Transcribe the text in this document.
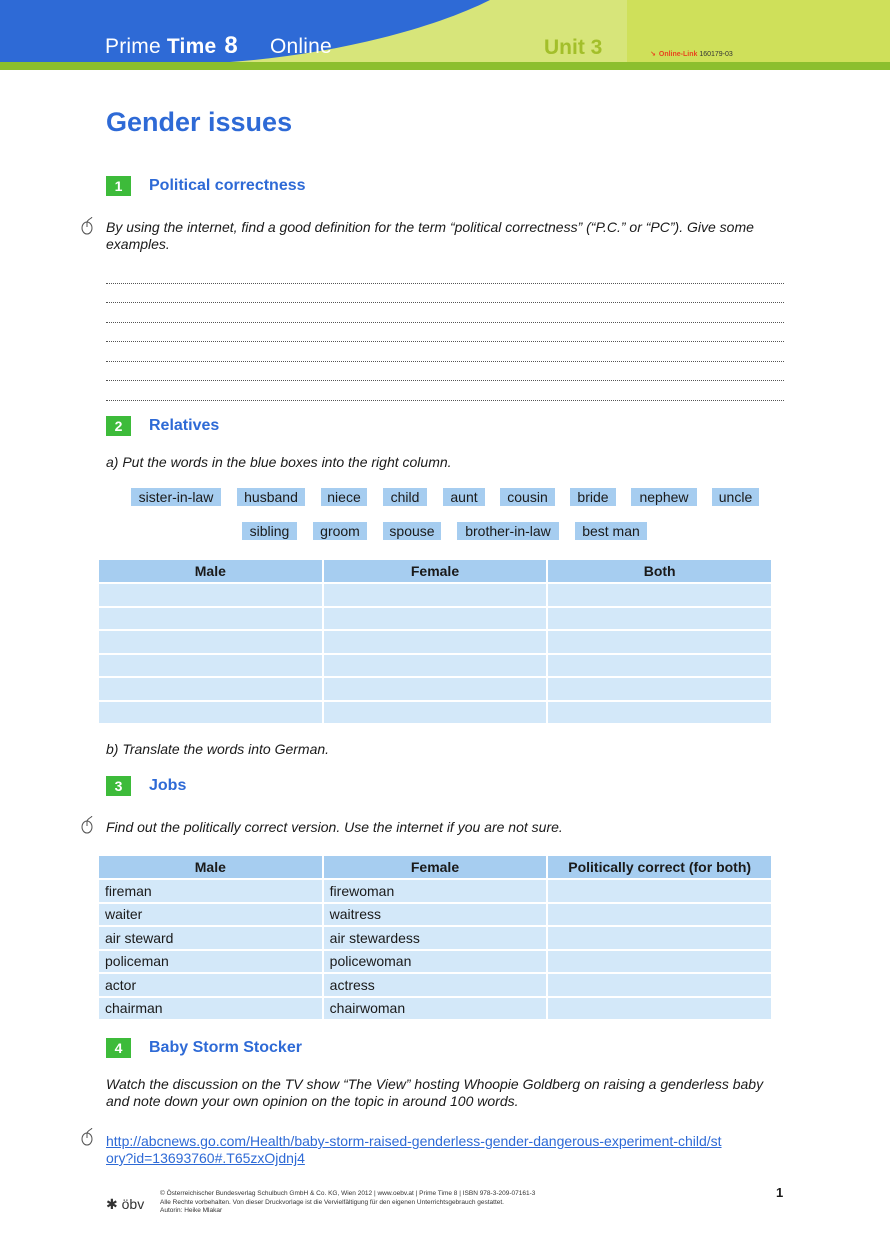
Prime Time 8 Online	Unit 3	↘ Online-Link 160179-03
Gender issues
1	Political correctness
By using the internet, find a good definition for the term “political correctness” (“P.C.” or “PC”). Give some examples.
2	Relatives
a) Put the words in the blue boxes into the right column.
sister-in-law	husband	niece	child	aunt	cousin	bride	nephew	uncle
sibling	groom	spouse	brother-in-law	best man
Male	Female	Both

b) Translate the words into German.
3	Jobs
Find out the politically correct version. Use the internet if you are not sure.
Male	Female	Politically correct (for both)
fireman	firewoman	
waiter	waitress	
air steward	air stewardess	
policeman	policewoman	
actor	actress	
chairman	chairwoman	
4	Baby Storm Stocker
Watch the discussion on the TV show “The View” hosting Whoopie Goldberg on raising a genderless baby and note down your own opinion on the topic in around 100 words.
http://abcnews.go.com/Health/baby-storm-raised-genderless-gender-dangerous-experiment-child/story?id=13693760#.T65zxOjdnj4
✱ öbv
© Österreichischer Bundesverlag Schulbuch GmbH & Co. KG, Wien 2012 | www.oebv.at | Prime Time 8 | ISBN 978-3-209-07161-3
Alle Rechte vorbehalten. Von dieser Druckvorlage ist die Vervielfältigung für den eigenen Unterrichtsgebrauch gestattet.
Autorin: Heike Mlakar
1
